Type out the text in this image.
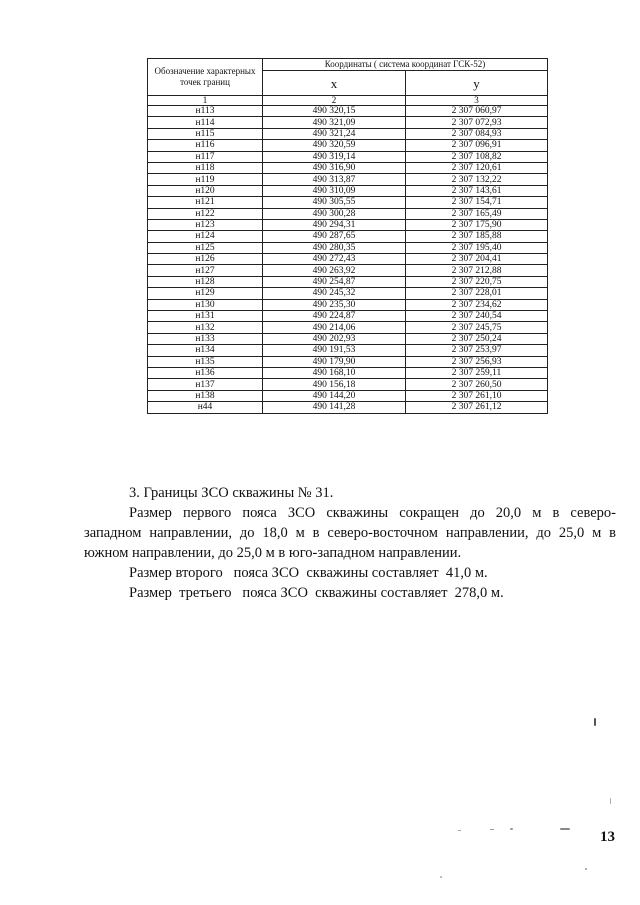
Обозначение характерных точек границ	Координаты ( система координат ГСК-52)	
	x	y
1	2	3
н113	490 320,15	2 307 060,97
н114	490 321,09	2 307 072,93
н115	490 321,24	2 307 084,93
н116	490 320,59	2 307 096,91
н117	490 319,14	2 307 108,82
н118	490 316,90	2 307 120,61
н119	490 313,87	2 307 132,22
н120	490 310,09	2 307 143,61
н121	490 305,55	2 307 154,71
н122	490 300,28	2 307 165,49
н123	490 294,31	2 307 175,90
н124	490 287,65	2 307 185,88
н125	490 280,35	2 307 195,40
н126	490 272,43	2 307 204,41
н127	490 263,92	2 307 212,88
н128	490 254,87	2 307 220,75
н129	490 245,32	2 307 228,01
н130	490 235,30	2 307 234,62
н131	490 224,87	2 307 240,54
н132	490 214,06	2 307 245,75
н133	490 202,93	2 307 250,24
н134	490 191,53	2 307 253,97
н135	490 179,90	2 307 256,93
н136	490 168,10	2 307 259,11
н137	490 156,18	2 307 260,50
н138	490 144,20	2 307 261,10
н44	490 141,28	2 307 261,12

3. Границы ЗСО скважины № 31.

Размер первого пояса ЗСО скважины сокращен до 20,0 м в северо-

западном направлении, до 18,0 м в северо-восточном направлении, до 25,0 м в

южном направлении, до 25,0 м в юго-западном направлении.

Размер второго   пояса ЗСО  скважины составляет  41,0 м.

Размер  третьего   пояса ЗСО  скважины составляет  278,0 м.

13
